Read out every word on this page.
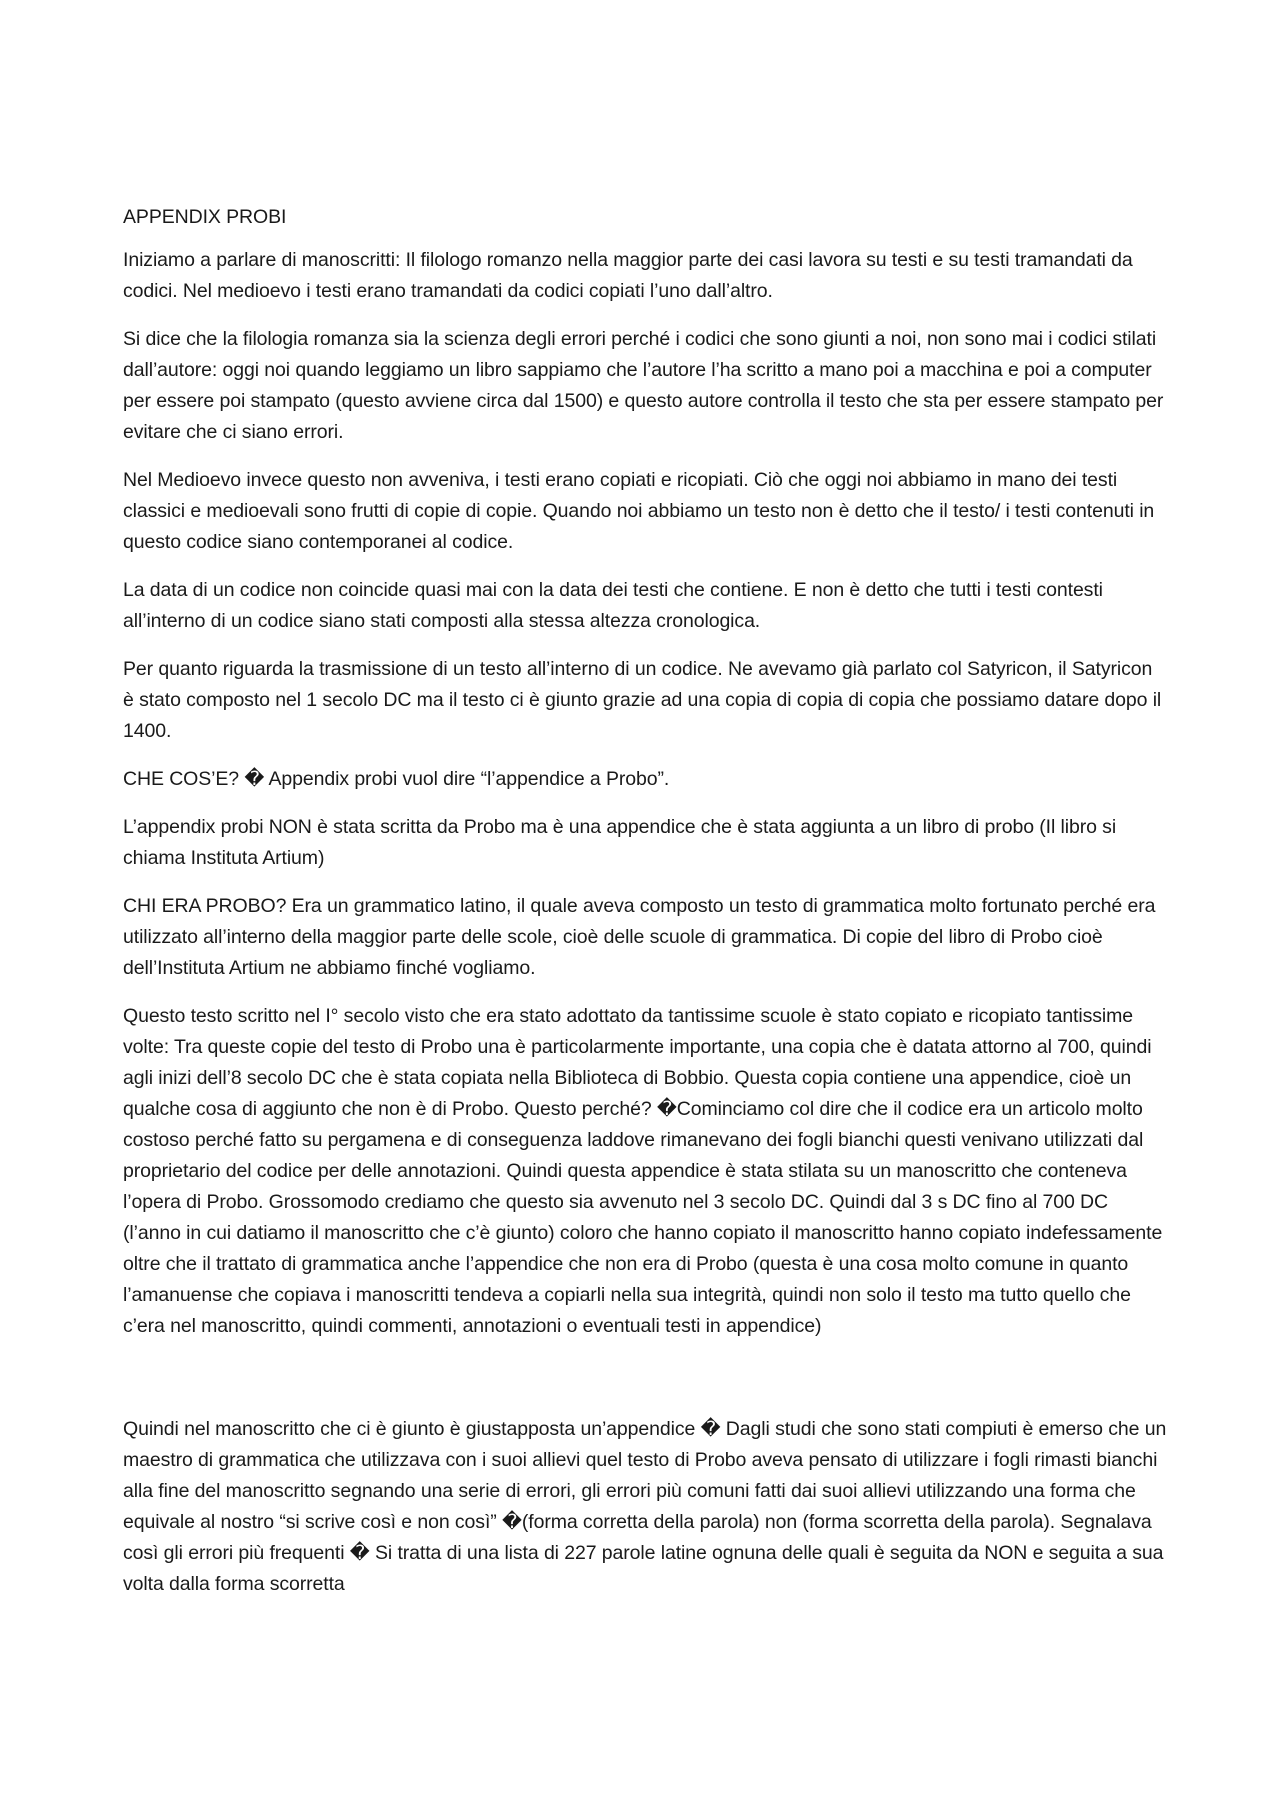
APPENDIX PROBI

Iniziamo a parlare di manoscritti: Il filologo romanzo nella maggior parte dei casi lavora su testi e su testi tramandati da codici. Nel medioevo i testi erano tramandati da codici copiati l’uno dall’altro.

Si dice che la filologia romanza sia la scienza degli errori perché i codici che sono giunti a noi, non sono mai i codici stilati dall’autore: oggi noi quando leggiamo un libro sappiamo che l’autore l’ha scritto a mano poi a macchina e poi a computer per essere poi stampato (questo avviene circa dal 1500) e questo autore controlla il testo che sta per essere stampato per evitare che ci siano errori.

Nel Medioevo invece questo non avveniva, i testi erano copiati e ricopiati. Ciò che oggi noi abbiamo in mano dei testi classici e medioevali sono frutti di copie di copie. Quando noi abbiamo un testo non è detto che il testo/ i testi contenuti in questo codice siano contemporanei al codice.

La data di un codice non coincide quasi mai con la data dei testi che contiene. E non è detto che tutti i testi contesti all’interno di un codice siano stati composti alla stessa altezza cronologica.

Per quanto riguarda la trasmissione di un testo all’interno di un codice. Ne avevamo già parlato col Satyricon, il Satyricon è stato composto nel 1 secolo DC ma il testo ci è giunto grazie ad una copia di copia di copia che possiamo datare dopo il 1400.

CHE COS’E? � Appendix probi vuol dire “l’appendice a Probo”.

L’appendix probi NON è stata scritta da Probo ma è una appendice che è stata aggiunta a un libro di probo (Il libro si chiama Instituta Artium)

CHI ERA PROBO? Era un grammatico latino, il quale aveva composto un testo di grammatica molto fortunato perché era utilizzato all’interno della maggior parte delle scole, cioè delle scuole di grammatica. Di copie del libro di Probo cioè dell’Instituta Artium ne abbiamo finché vogliamo.

Questo testo scritto nel I° secolo visto che era stato adottato da tantissime scuole è stato copiato e ricopiato tantissime volte: Tra queste copie del testo di Probo una è particolarmente importante, una copia che è datata attorno al 700, quindi agli inizi dell’8 secolo DC che è stata copiata nella Biblioteca di Bobbio. Questa copia contiene una appendice, cioè un qualche cosa di aggiunto che non è di Probo. Questo perché? �Cominciamo col dire che il codice era un articolo molto costoso perché fatto su pergamena e di conseguenza laddove rimanevano dei fogli bianchi questi venivano utilizzati dal proprietario del codice per delle annotazioni. Quindi questa appendice è stata stilata su un manoscritto che conteneva l’opera di Probo. Grossomodo crediamo che questo sia avvenuto nel 3 secolo DC. Quindi dal 3 s DC fino al 700 DC (l’anno in cui datiamo il manoscritto che c’è giunto) coloro che hanno copiato il manoscritto hanno copiato indefessamente oltre che il trattato di grammatica anche l’appendice che non era di Probo (questa è una cosa molto comune in quanto l’amanuense che copiava i manoscritti tendeva a copiarli nella sua integrità, quindi non solo il testo ma tutto quello che c’era nel manoscritto, quindi commenti, annotazioni o eventuali testi in appendice)

Quindi nel manoscritto che ci è giunto è giustapposta un’appendice � Dagli studi che sono stati compiuti è emerso che un maestro di grammatica che utilizzava con i suoi allievi quel testo di Probo aveva pensato di utilizzare i fogli rimasti bianchi alla fine del manoscritto segnando una serie di errori, gli errori più comuni fatti dai suoi allievi utilizzando una forma che equivale al nostro “si scrive così e non così” �(forma corretta della parola) non (forma scorretta della parola). Segnalava così gli errori più frequenti � Si tratta di una lista di 227 parole latine ognuna delle quali è seguita da NON e seguita a sua volta dalla forma scorretta
